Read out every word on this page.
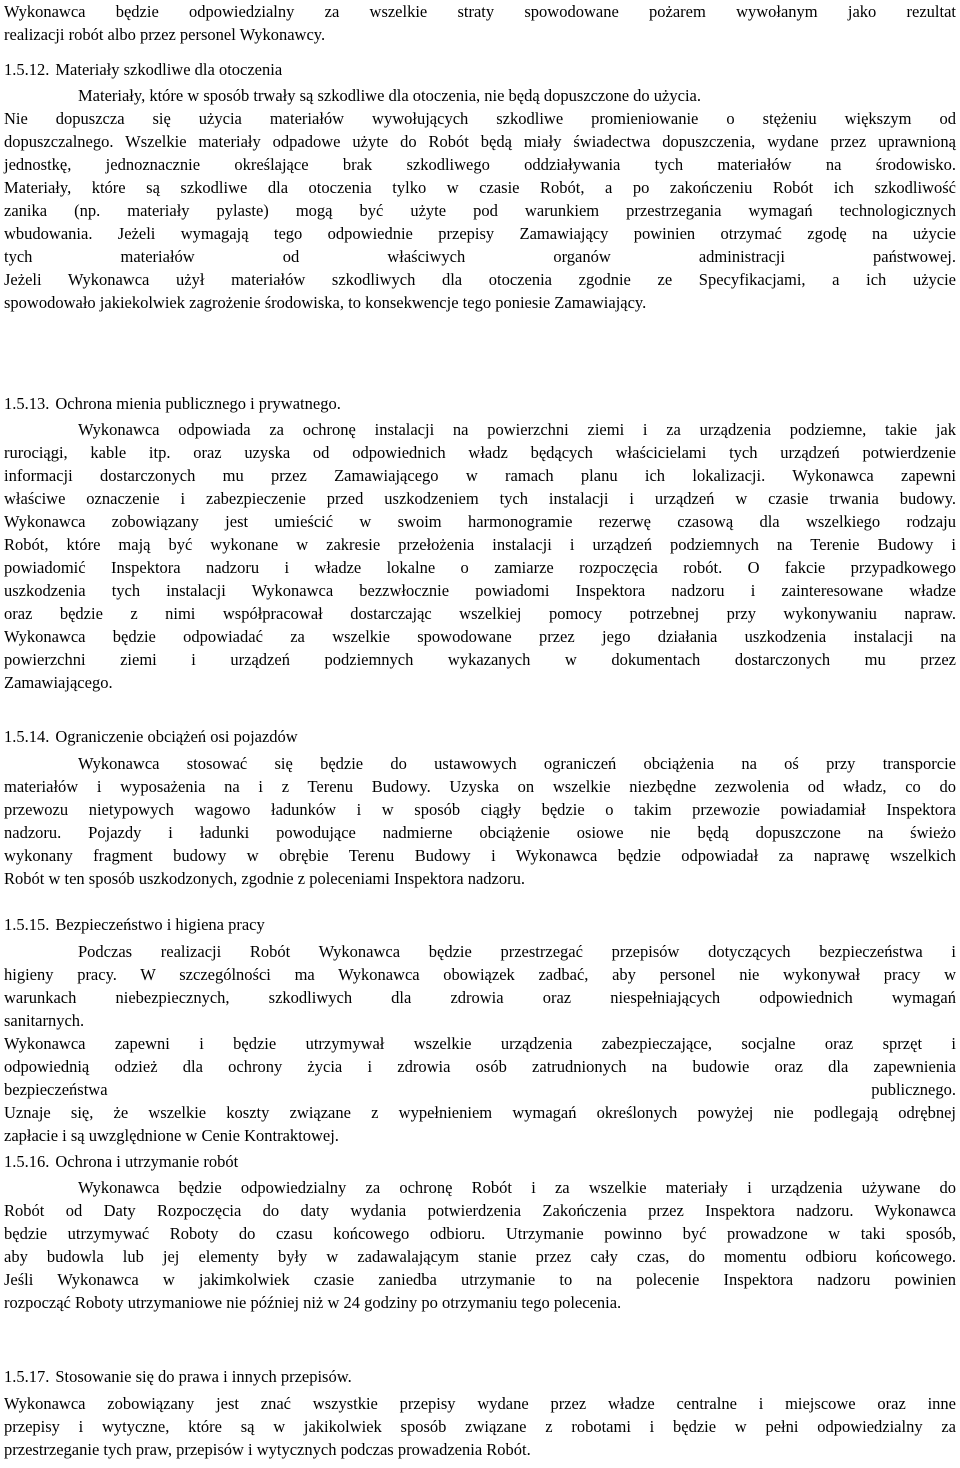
Wykonawca będzie odpowiedzialny za wszelkie straty spowodowane pożarem wywołanym jako rezultat
realizacji robót albo przez personel Wykonawcy.
1.5.12. Materiały szkodliwe dla otoczenia
Materiały, które w sposób trwały są szkodliwe dla otoczenia, nie będą dopuszczone do użycia.
Nie dopuszcza się użycia materiałów wywołujących szkodliwe promieniowanie o stężeniu większym od
dopuszczalnego. Wszelkie materiały odpadowe użyte do Robót będą miały świadectwa dopuszczenia, wydane przez uprawnioną
jednostkę, jednoznacznie określające brak szkodliwego oddziaływania tych materiałów na środowisko.
Materiały, które są szkodliwe dla otoczenia tylko w czasie Robót, a po zakończeniu Robót ich szkodliwość
zanika (np. materiały pylaste) mogą być użyte pod warunkiem przestrzegania wymagań technologicznych
wbudowania. Jeżeli wymagają tego odpowiednie przepisy Zamawiający powinien otrzymać zgodę na użycie
tych materiałów od właściwych organów administracji państwowej.
Jeżeli Wykonawca użył materiałów szkodliwych dla otoczenia zgodnie ze Specyfikacjami, a ich użycie
spowodowało jakiekolwiek zagrożenie środowiska, to konsekwencje tego poniesie Zamawiający.
1.5.13. Ochrona mienia publicznego i prywatnego.
Wykonawca odpowiada za ochronę instalacji na powierzchni ziemi i za urządzenia podziemne, takie jak
rurociągi, kable itp. oraz uzyska od odpowiednich władz będących właścicielami tych urządzeń potwierdzenie
informacji dostarczonych mu przez Zamawiającego w ramach planu ich lokalizacji. Wykonawca zapewni
właściwe oznaczenie i zabezpieczenie przed uszkodzeniem tych instalacji i urządzeń w czasie trwania budowy.
Wykonawca zobowiązany jest umieścić w swoim harmonogramie rezerwę czasową dla wszelkiego rodzaju
Robót, które mają być wykonane w zakresie przełożenia instalacji i urządzeń podziemnych na Terenie Budowy i
powiadomić Inspektora nadzoru i władze lokalne o zamiarze rozpoczęcia robót. O fakcie przypadkowego
uszkodzenia tych instalacji Wykonawca bezzwłocznie powiadomi Inspektora nadzoru i zainteresowane władze
oraz będzie z nimi współpracował dostarczając wszelkiej pomocy potrzebnej przy wykonywaniu napraw.
Wykonawca będzie odpowiadać za wszelkie spowodowane przez jego działania uszkodzenia instalacji na
powierzchni ziemi i urządzeń podziemnych wykazanych w dokumentach dostarczonych mu przez
Zamawiającego.
1.5.14. Ograniczenie obciążeń osi pojazdów
Wykonawca stosować się będzie do ustawowych ograniczeń obciążenia na oś przy transporcie
materiałów i wyposażenia na i z Terenu Budowy. Uzyska on wszelkie niezbędne zezwolenia od władz, co do
przewozu nietypowych wagowo ładunków i w sposób ciągły będzie o takim przewozie powiadamiał Inspektora
nadzoru. Pojazdy i ładunki powodujące nadmierne obciążenie osiowe nie będą dopuszczone na świeżo
wykonany fragment budowy w obrębie Terenu Budowy i Wykonawca będzie odpowiadał za naprawę wszelkich
Robót w ten sposób uszkodzonych, zgodnie z poleceniami Inspektora nadzoru.
1.5.15. Bezpieczeństwo i higiena pracy
Podczas realizacji Robót Wykonawca będzie przestrzegać przepisów dotyczących bezpieczeństwa i
higieny pracy. W szczególności ma Wykonawca obowiązek zadbać, aby personel nie wykonywał pracy w
warunkach niebezpiecznych, szkodliwych dla zdrowia oraz niespełniających odpowiednich wymagań
sanitarnych.
Wykonawca zapewni i będzie utrzymywał wszelkie urządzenia zabezpieczające, socjalne oraz sprzęt i
odpowiednią odzież dla ochrony życia i zdrowia osób zatrudnionych na budowie oraz dla zapewnienia
bezpieczeństwa publicznego.
Uznaje się, że wszelkie koszty związane z wypełnieniem wymagań określonych powyżej nie podlegają odrębnej
zapłacie i są uwzględnione w Cenie Kontraktowej.
1.5.16. Ochrona i utrzymanie robót
Wykonawca będzie odpowiedzialny za ochronę Robót i za wszelkie materiały i urządzenia używane do
Robót od Daty Rozpoczęcia do daty wydania potwierdzenia Zakończenia przez Inspektora nadzoru. Wykonawca
będzie utrzymywać Roboty do czasu końcowego odbioru. Utrzymanie powinno być prowadzone w taki sposób,
aby budowla lub jej elementy były w zadawalającym stanie przez cały czas, do momentu odbioru końcowego.
Jeśli Wykonawca w jakimkolwiek czasie zaniedba utrzymanie to na polecenie Inspektora nadzoru powinien
rozpocząć Roboty utrzymaniowe nie później niż w 24 godziny po otrzymaniu tego polecenia.
1.5.17. Stosowanie się do prawa i innych przepisów.
Wykonawca zobowiązany jest znać wszystkie przepisy wydane przez władze centralne i miejscowe oraz inne
przepisy i wytyczne, które są w jakikolwiek sposób związane z robotami i będzie w pełni odpowiedzialny za
przestrzeganie tych praw, przepisów i wytycznych podczas prowadzenia Robót.
